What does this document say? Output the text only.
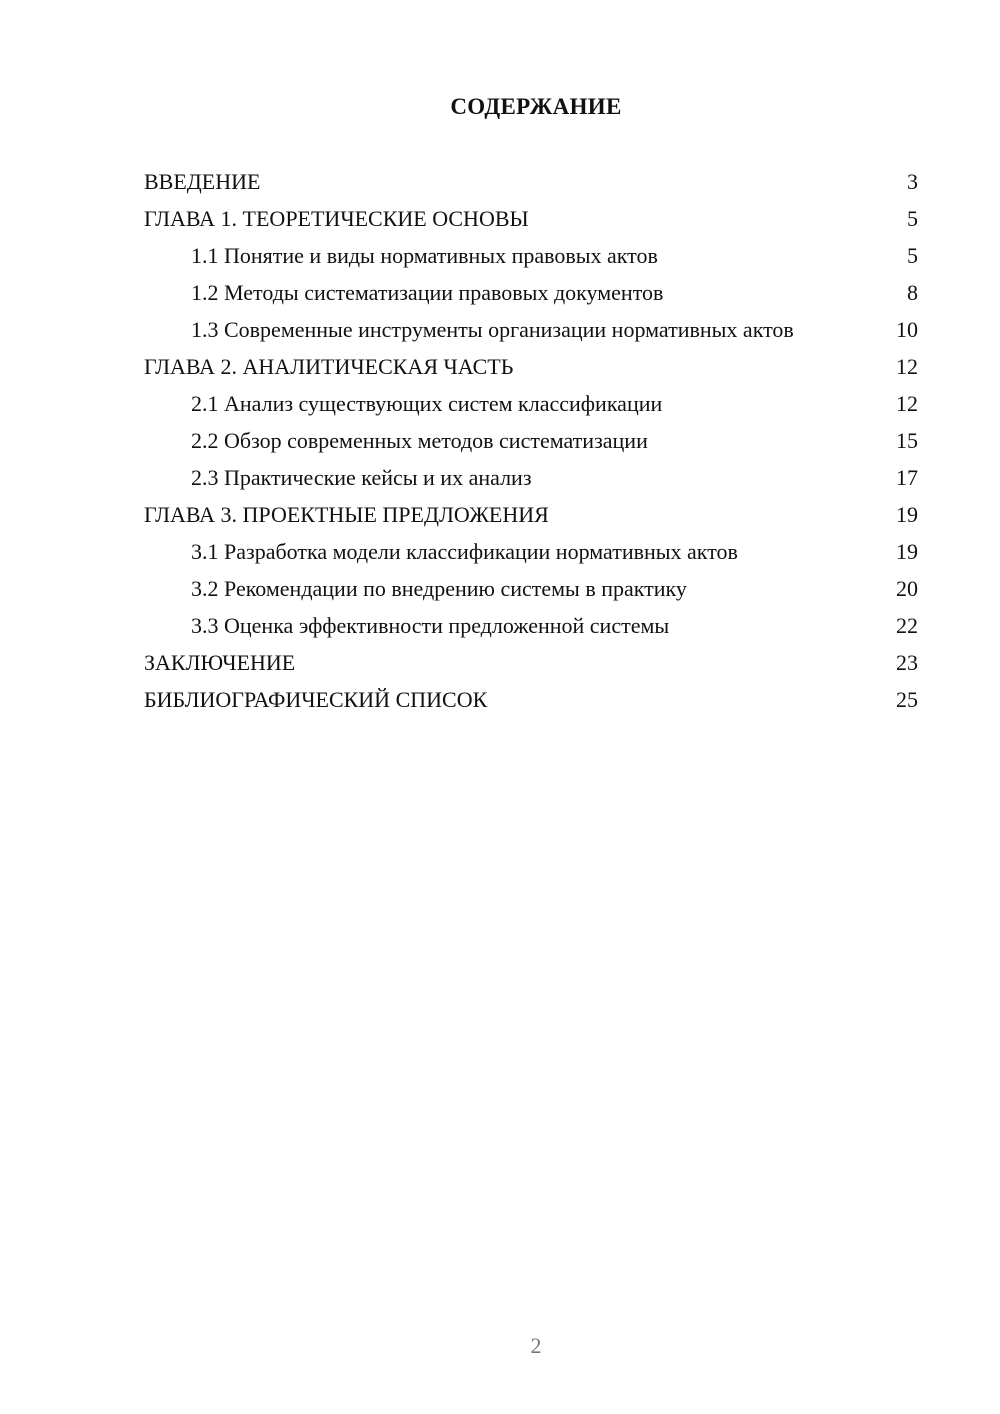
СОДЕРЖАНИЕ
ВВЕДЕНИЕ	3
ГЛАВА 1. ТЕОРЕТИЧЕСКИЕ ОСНОВЫ	5
1.1 Понятие и виды нормативных правовых актов	5
1.2 Методы систематизации правовых документов	8
1.3 Современные инструменты организации нормативных актов	10
ГЛАВА 2. АНАЛИТИЧЕСКАЯ ЧАСТЬ	12
2.1 Анализ существующих систем классификации	12
2.2 Обзор современных методов систематизации	15
2.3 Практические кейсы и их анализ	17
ГЛАВА 3. ПРОЕКТНЫЕ ПРЕДЛОЖЕНИЯ	19
3.1 Разработка модели классификации нормативных актов	19
3.2 Рекомендации по внедрению системы в практику	20
3.3 Оценка эффективности предложенной системы	22
ЗАКЛЮЧЕНИЕ	23
БИБЛИОГРАФИЧЕСКИЙ СПИСОК	25
2
